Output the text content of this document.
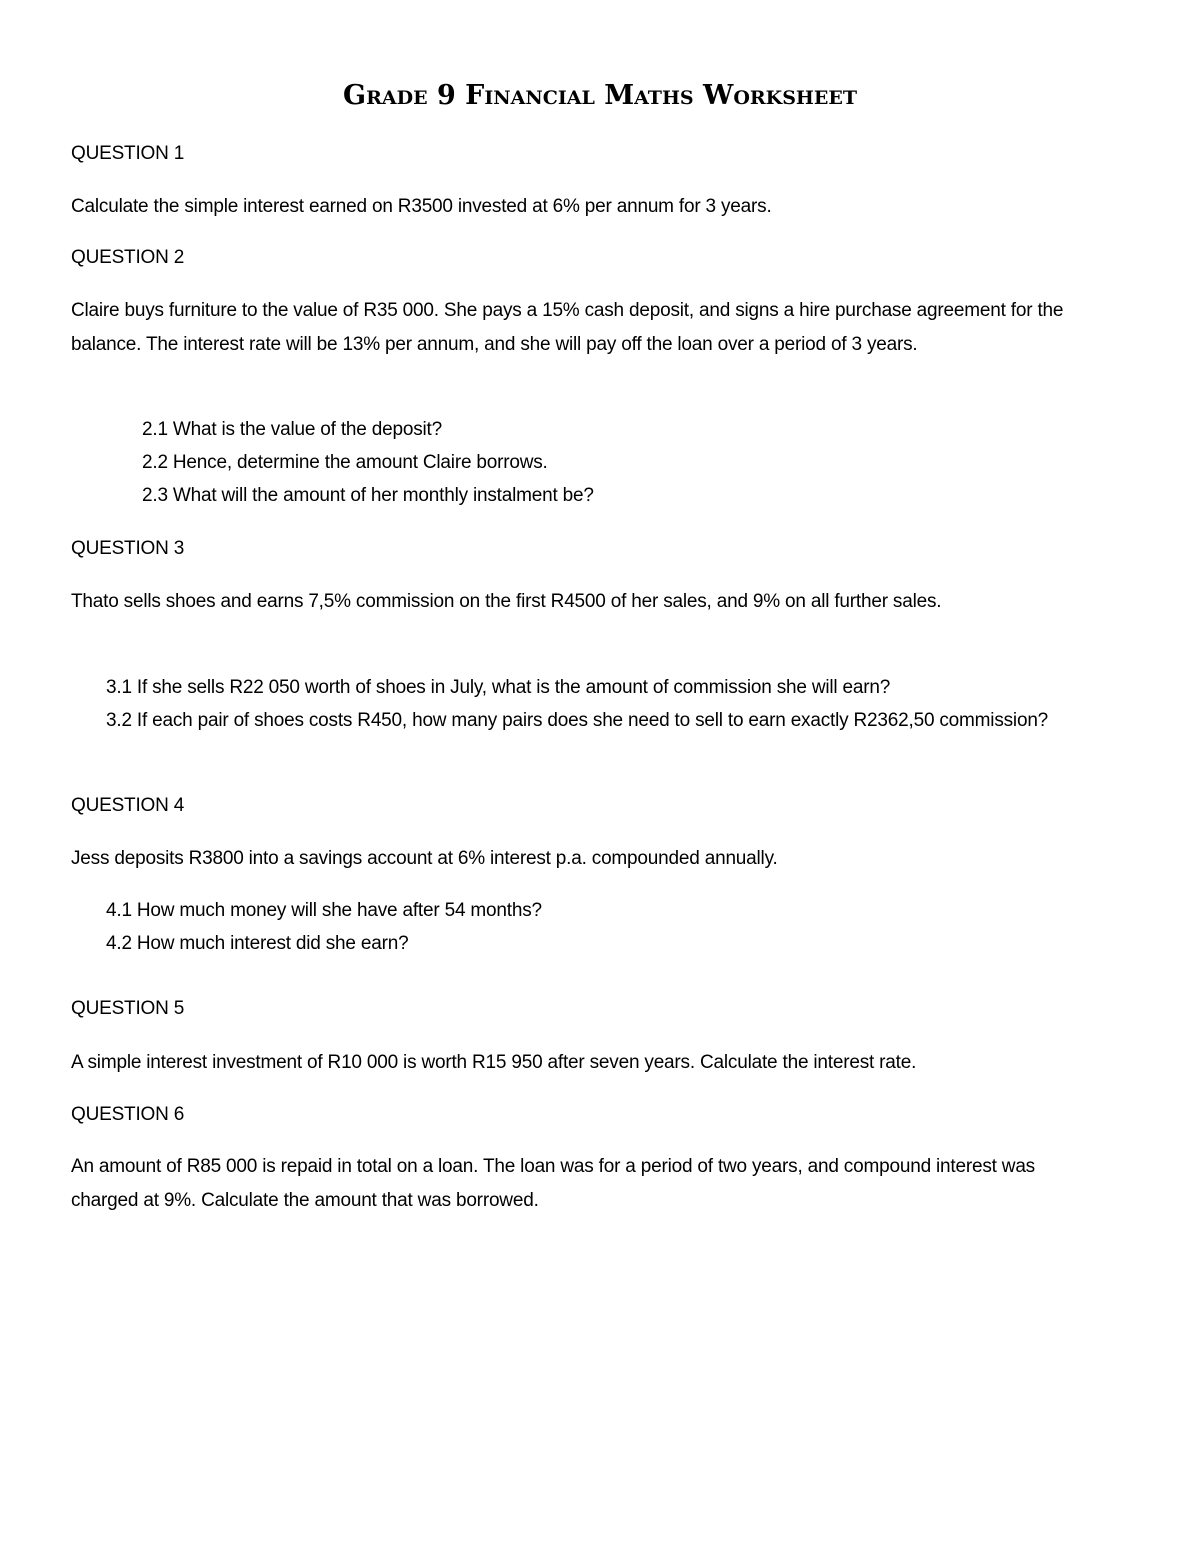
Grade 9 Financial Maths Worksheet
QUESTION 1
Calculate the simple interest earned on R3500 invested at 6% per annum for 3 years.
QUESTION 2
Claire buys furniture to the value of R35 000. She pays a 15% cash deposit, and signs a hire purchase agreement for the balance. The interest rate will be 13% per annum, and she will pay off the loan over a period of 3 years.
2.1 What is the value of the deposit?
2.2 Hence, determine the amount Claire borrows.
2.3 What will the amount of her monthly instalment be?
QUESTION 3
Thato sells shoes and earns 7,5% commission on the first R4500 of her sales, and 9% on all further sales.
3.1 If she sells R22 050 worth of shoes in July, what is the amount of commission she will earn?
3.2 If each pair of shoes costs R450, how many pairs does she need to sell to earn exactly R2362,50 commission?
QUESTION 4
Jess deposits R3800 into a savings account at 6% interest p.a. compounded annually.
4.1 How much money will she have after 54 months?
4.2 How much interest did she earn?
QUESTION 5
A simple interest investment of R10 000 is worth R15 950 after seven years. Calculate the interest rate.
QUESTION 6
An amount of R85 000 is repaid in total on a loan. The loan was for a period of two years, and compound interest was charged at 9%. Calculate the amount that was borrowed.
